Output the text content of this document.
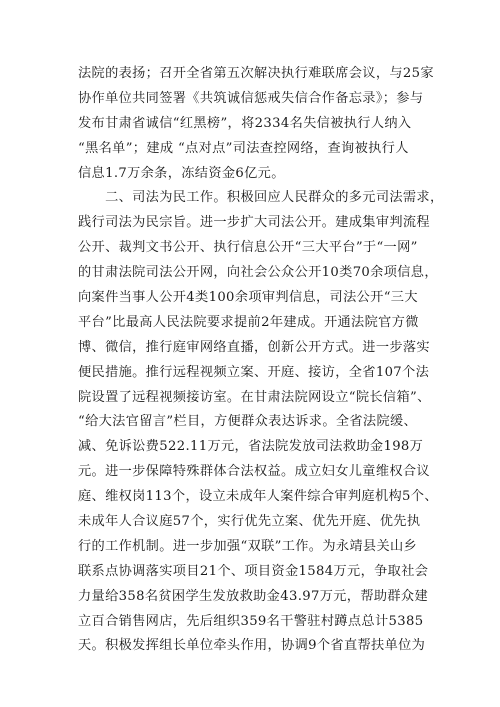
法院的表扬；召开全省第五次解决执行难联席会议，与25家
协作单位共同签署《共筑诚信惩戒失信合作备忘录》；参与
发布甘肃省诚信“红黑榜”，将2334名失信被执行人纳入
“黑名单”；建成 “点对点”司法查控网络，查询被执行人
信息1.7万余条，冻结资金6亿元。
　　二、司法为民工作。积极回应人民群众的多元司法需求，
践行司法为民宗旨。进一步扩大司法公开。建成集审判流程
公开、裁判文书公开、执行信息公开“三大平台”于“一网”
的甘肃法院司法公开网，向社会公众公开10类70余项信息，
向案件当事人公开4类100余项审判信息，司法公开“三大
平台”比最高人民法院要求提前2年建成。开通法院官方微
博、微信，推行庭审网络直播，创新公开方式。进一步落实
便民措施。推行远程视频立案、开庭、接访，全省107个法
院设置了远程视频接访室。在甘肃法院网设立“院长信箱”、
“给大法官留言”栏目，方便群众表达诉求。全省法院缓、
减、免诉讼费522.11万元，省法院发放司法救助金198万
元。进一步保障特殊群体合法权益。成立妇女儿童维权合议
庭、维权岗113个，设立未成年人案件综合审判庭机构5个、
未成年人合议庭57个，实行优先立案、优先开庭、优先执
行的工作机制。进一步加强“双联”工作。为永靖县关山乡
联系点协调落实项目21个、项目资金1584万元，争取社会
力量给358名贫困学生发放救助金43.97万元，帮助群众建
立百合销售网店，先后组织359名干警驻村蹲点总计5385
天。积极发挥组长单位牵头作用，协调9个省直帮扶单位为
